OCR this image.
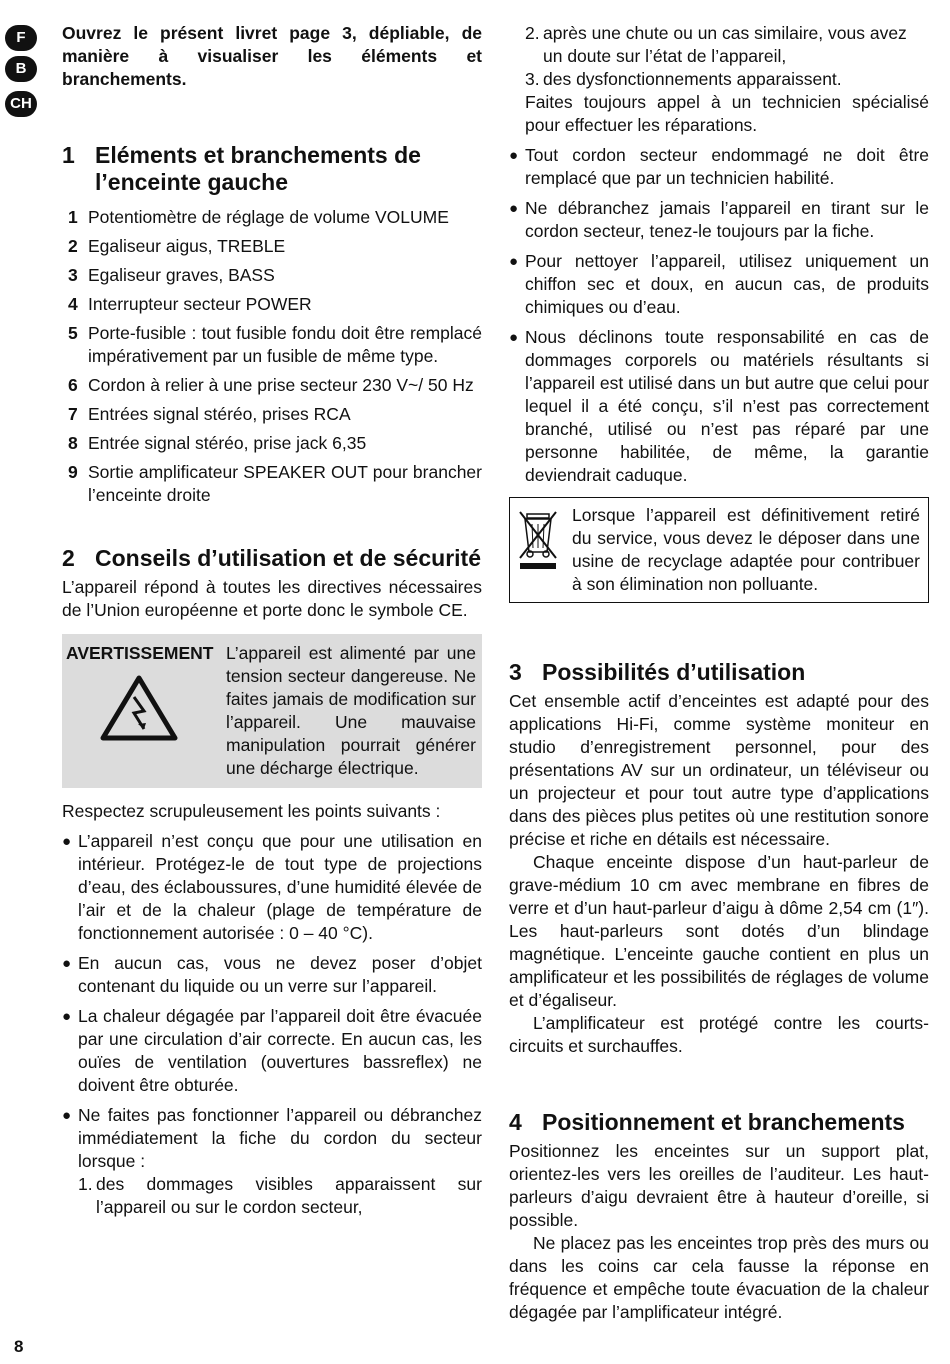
F
B
CH

Ouvrez le présent livret page 3, dépliable, de manière à visualiser les éléments et branchements.

1 Eléments et branchements de l’enceinte gauche
1 Potentiomètre de réglage de volume VOLUME
2 Egaliseur aigus, TREBLE
3 Egaliseur graves, BASS
4 Interrupteur secteur POWER
5 Porte-fusible : tout fusible fondu doit être remplacé impérativement par un fusible de même type.
6 Cordon à relier à une prise secteur 230 V~/ 50 Hz
7 Entrées signal stéréo, prises RCA
8 Entrée signal stéréo, prise jack 6,35
9 Sortie amplificateur SPEAKER OUT pour brancher l’enceinte droite
2 Conseils d’utilisation et de sécurité

L’appareil répond à toutes les directives nécessaires de l’Union européenne et porte donc le symbole CE.

AVERTISSEMENT L’appareil est alimenté par une tension secteur dangereuse. Ne faites jamais de modification sur l’appareil. Une mauvaise manipulation pourrait générer une décharge électrique.

Respectez scrupuleusement les points suivants :

● L’appareil n’est conçu que pour une utilisation en intérieur. Protégez-le de tout type de projections d’eau, des éclaboussures, d’une humidité élevée de l’air et de la chaleur (plage de température de fonctionnement autorisée : 0 – 40 °C).
● En aucun cas, vous ne devez poser d’objet contenant du liquide ou un verre sur l’appareil.
● La chaleur dégagée par l’appareil doit être évacuée par une circulation d’air correcte. En aucun cas, les ouïes de ventilation (ouvertures bassreflex) ne doivent être obturée.
● Ne faites pas fonctionner l’appareil ou débranchez immédiatement la fiche du cordon du secteur lorsque :
1. des dommages visibles apparaissent sur l’appareil ou sur le cordon secteur,
2. après une chute ou un cas similaire, vous avez un doute sur l’état de l’appareil,
3. des dysfonctionnements apparaissent.

Faites toujours appel à un technicien spécialisé pour effectuer les réparations.

● Tout cordon secteur endommagé ne doit être remplacé que par un technicien habilité.
● Ne débranchez jamais l’appareil en tirant sur le cordon secteur, tenez-le toujours par la fiche.
● Pour nettoyer l’appareil, utilisez uniquement un chiffon sec et doux, en aucun cas, de produits chimiques ou d’eau.
● Nous déclinons toute responsabilité en cas de dommages corporels ou matériels résultants si l’appareil est utilisé dans un but autre que celui pour lequel il a été conçu, s’il n’est pas correctement branché, utilisé ou n’est pas réparé par une personne habilitée, de même, la garantie deviendrait caduque.
Lorsque l’appareil est définitivement retiré du service, vous devez le déposer dans une usine de recyclage adaptée pour contribuer à son élimination non polluante.
3 Possibilités d’utilisation

Cet ensemble actif d’enceintes est adapté pour des applications Hi-Fi, comme système moniteur en studio d’enregistrement personnel, pour des présentations AV sur un ordinateur, un téléviseur ou un projecteur et pour tout autre type d’applications dans des pièces plus petites où une restitution sonore précise et riche en détails est nécessaire.

Chaque enceinte dispose d’un haut-parleur de grave-médium 10 cm avec membrane en fibres de verre et d’un haut-parleur d’aigu à dôme 2,54 cm (1″). Les haut-parleurs sont dotés d’un blindage magnétique. L’enceinte gauche contient en plus un amplificateur et les possibilités de réglages de volume et d’égaliseur.

L’amplificateur est protégé contre les courts-circuits et surchauffes.

4 Positionnement et branchements

Positionnez les enceintes sur un support plat, orientez-les vers les oreilles de l’auditeur. Les haut-parleurs d’aigu devraient être à hauteur d’oreille, si possible.

Ne placez pas les enceintes trop près des murs ou dans les coins car cela fausse la réponse en fréquence et empêche toute évacuation de la chaleur dégagée par l’amplificateur intégré.

8
